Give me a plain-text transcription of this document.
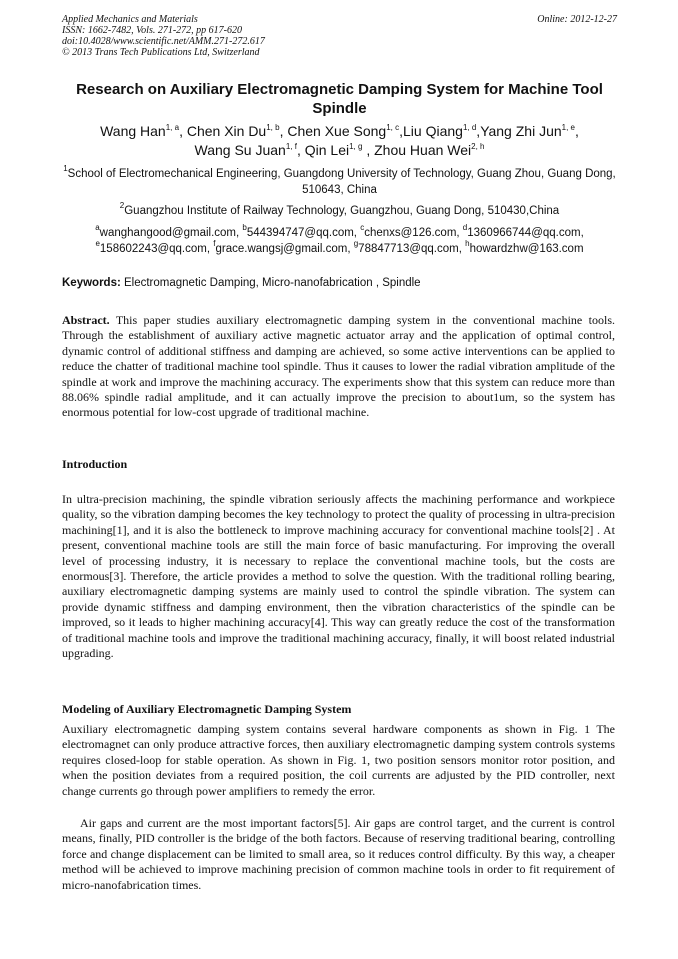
Applied Mechanics and Materials
ISSN: 1662-7482, Vols. 271-272, pp 617-620
doi:10.4028/www.scientific.net/AMM.271-272.617
© 2013 Trans Tech Publications Ltd, Switzerland
Online: 2012-12-27
Research on Auxiliary Electromagnetic Damping System for Machine Tool Spindle
Wang Han$^{1, a}$, Chen Xin Du$^{1, b}$, Chen Xue Song$^{1, c}$,Liu Qiang$^{1, d}$,Yang Zhi Jun$^{1, e}$,
Wang Su Juan$^{1, f}$, Qin Lei$^{1, g}$ , Zhou Huan Wei$^{2, h}$
$^1$School of Electromechanical Engineering, Guangdong University of Technology, Guang Zhou, Guang Dong, 510643, China
$^2$Guangzhou Institute of Railway Technology, Guangzhou, Guang Dong, 510430,China
$^a$wanghangood@gmail.com, $^b$544394747@qq.com, $^c$chenxs@126.com, $^d$1360966744@qq.com,
$^e$158602243@qq.com, $^f$grace.wangsj@gmail.com, $^g$78847713@qq.com, $^h$howardzhw@163.com
Keywords: Electromagnetic Damping, Micro-nanofabrication , Spindle
Abstract. This paper studies auxiliary electromagnetic damping system in the conventional machine tools. Through the establishment of auxiliary active magnetic actuator array and the application of optimal control, dynamic control of additional stiffness and damping are achieved, so some active interventions can be applied to reduce the chatter of traditional machine tool spindle. Thus it causes to lower the radial vibration amplitude of the spindle at work and improve the machining accuracy. The experiments show that this system can reduce more than 88.06% spindle radial amplitude, and it can actually improve the precision to about1um, so the system has enormous potential for low-cost upgrade of traditional machine.
Introduction
In ultra-precision machining, the spindle vibration seriously affects the machining performance and workpiece quality, so the vibration damping becomes the key technology to protect the quality of processing in ultra-precision machining[1], and it is also the bottleneck to improve machining accuracy for conventional machine tools[2] . At present, conventional machine tools are still the main force of basic manufacturing. For improving the overall level of processing industry, it is necessary to replace the conventional machine tools, but the costs are enormous[3]. Therefore, the article provides a method to solve the question. With the traditional rolling bearing, auxiliary electromagnetic damping systems are mainly used to control the spindle vibration. The system can provide dynamic stiffness and damping environment, then the vibration characteristics of the spindle can be improved, so it leads to higher machining accuracy[4]. This way can greatly reduce the cost of the transformation of traditional machine tools and improve the traditional machining accuracy, finally, it will boost related industrial upgrading.
Modeling of Auxiliary Electromagnetic Damping System
Auxiliary electromagnetic damping system contains several hardware components as shown in Fig. 1 The electromagnet can only produce attractive forces, then auxiliary electromagnetic damping system controls systems requires closed-loop for stable operation. As shown in Fig. 1, two position sensors monitor rotor position, and when the position deviates from a required position, the coil currents are adjusted by the PID controller, next change currents go through power amplifiers to remedy the error.
Air gaps and current are the most important factors[5]. Air gaps are control target, and the current is control means, finally, PID controller is the bridge of the both factors. Because of reserving traditional bearing, controlling force and change displacement can be limited to small area, so it reduces control difficulty. By this way, a cheaper method will be achieved to improve machining precision of common machine tools in order to fit requirement of micro-nanofabrication times.
